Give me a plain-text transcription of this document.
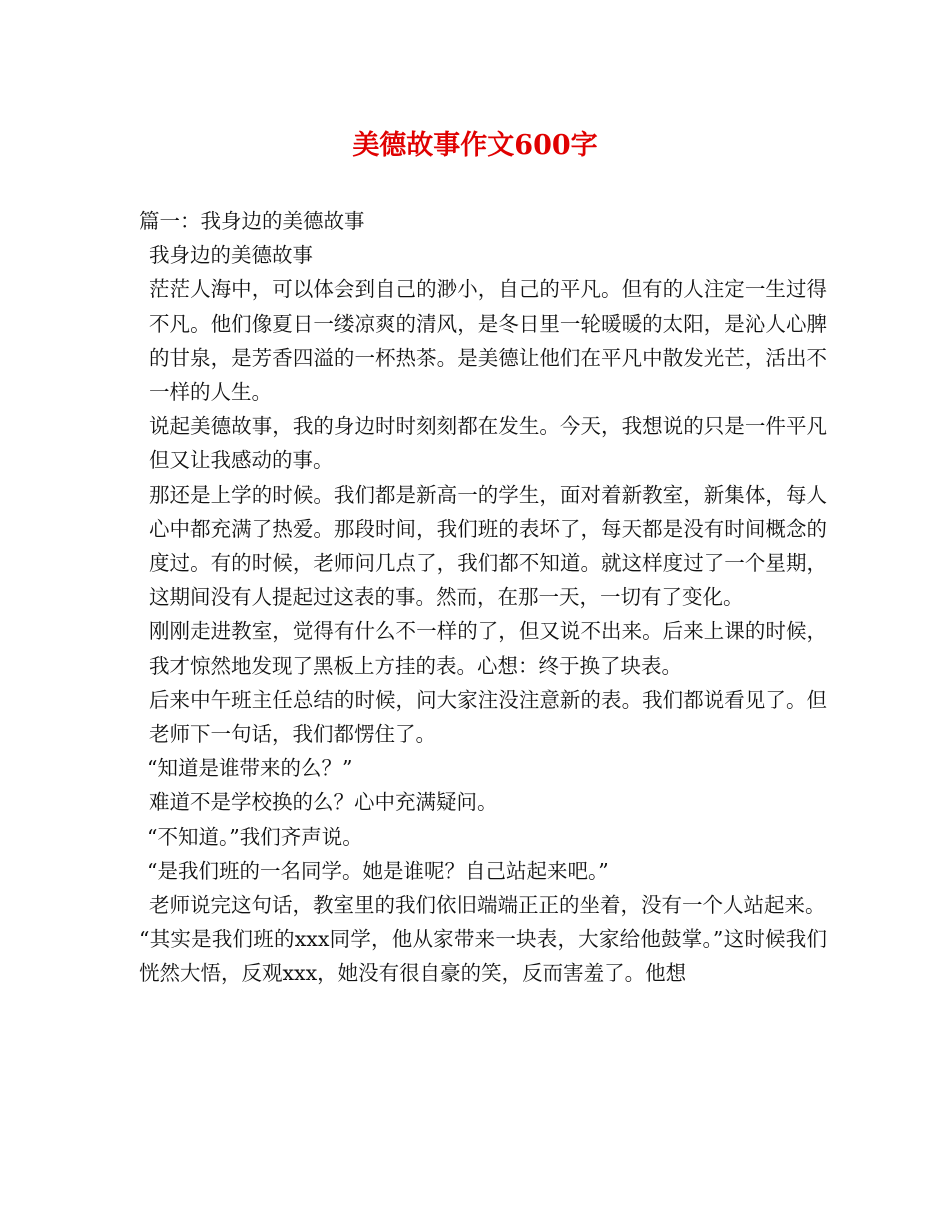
美德故事作文600字

篇一：我身边的美德故事

我身边的美德故事

茫茫人海中，可以体会到自己的渺小，自己的平凡。但有的人注定一生过得不凡。他们像夏日一缕凉爽的清风，是冬日里一轮暖暖的太阳，是沁人心脾的甘泉，是芳香四溢的一杯热茶。是美德让他们在平凡中散发光芒，活出不一样的人生。

说起美德故事，我的身边时时刻刻都在发生。今天，我想说的只是一件平凡但又让我感动的事。

那还是上学的时候。我们都是新高一的学生，面对着新教室，新集体，每人心中都充满了热爱。那段时间，我们班的表坏了，每天都是没有时间概念的度过。有的时候，老师问几点了，我们都不知道。就这样度过了一个星期，这期间没有人提起过这表的事。然而，在那一天，一切有了变化。

刚刚走进教室，觉得有什么不一样的了，但又说不出来。后来上课的时候，我才惊然地发现了黑板上方挂的表。心想：终于换了块表。

后来中午班主任总结的时候，问大家注没注意新的表。我们都说看见了。但老师下一句话，我们都愣住了。

“知道是谁带来的么？”

难道不是学校换的么？心中充满疑问。

“不知道。”我们齐声说。

“是我们班的一名同学。她是谁呢？自己站起来吧。”

老师说完这句话，教室里的我们依旧端端正正的坐着，没有一个人站起来。

“其实是我们班的xxx同学，他从家带来一块表，大家给他鼓掌。”这时候我们恍然大悟，反观xxx，她没有很自豪的笑，反而害羞了。他想
